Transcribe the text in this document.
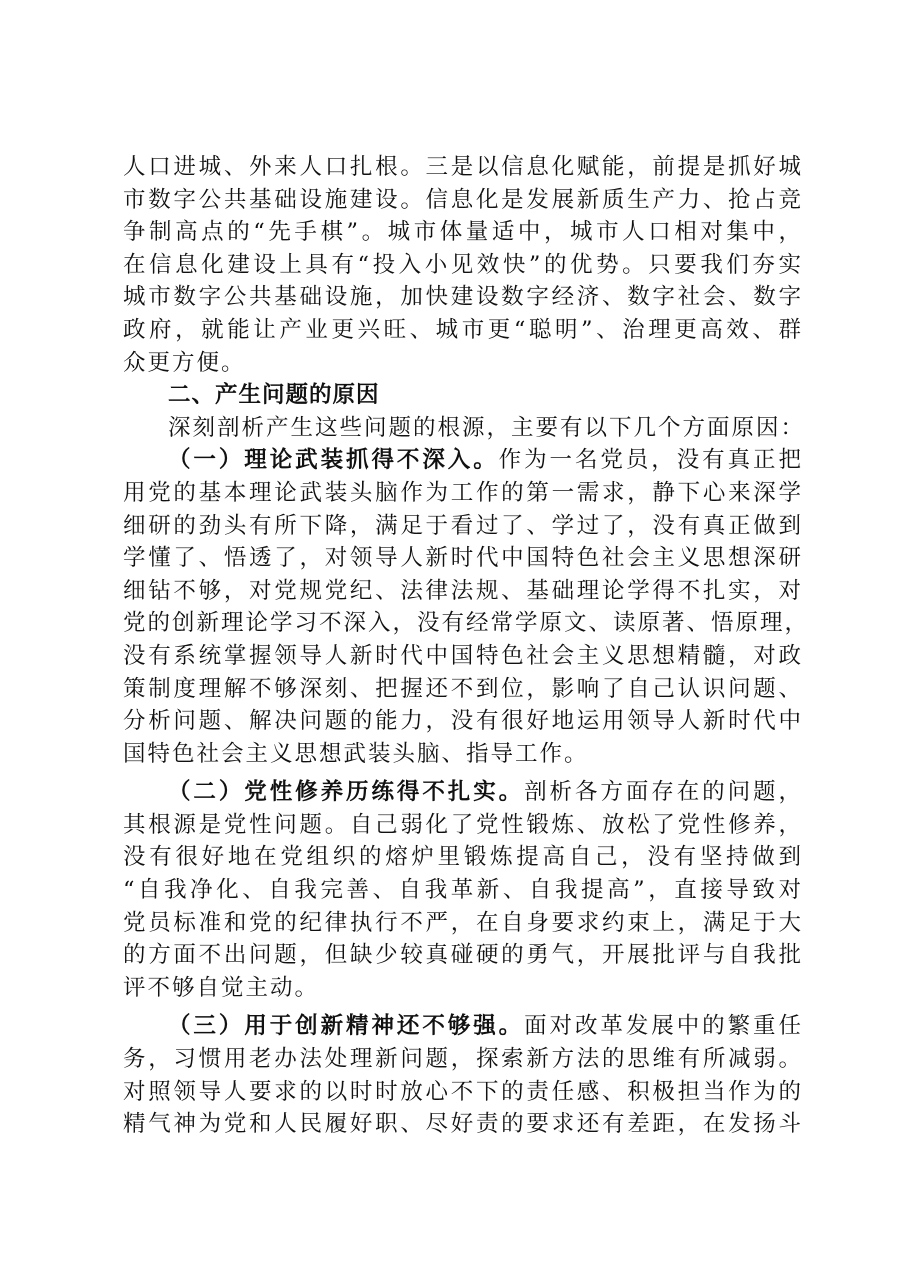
人口进城、外来人口扎根。三是以信息化赋能，前提是抓好城
市数字公共基础设施建设。信息化是发展新质生产力、抢占竞
争制高点的“先手棋”。城市体量适中，城市人口相对集中，
在信息化建设上具有“投入小见效快”的优势。只要我们夯实
城市数字公共基础设施，加快建设数字经济、数字社会、数字
政府，就能让产业更兴旺、城市更“聪明”、治理更高效、群
众更方便。
二、产生问题的原因
深刻剖析产生这些问题的根源，主要有以下几个方面原因：
（一）理论武装抓得不深入。作为一名党员，没有真正把
用党的基本理论武装头脑作为工作的第一需求，静下心来深学
细研的劲头有所下降，满足于看过了、学过了，没有真正做到
学懂了、悟透了，对领导人新时代中国特色社会主义思想深研
细钻不够，对党规党纪、法律法规、基础理论学得不扎实，对
党的创新理论学习不深入，没有经常学原文、读原著、悟原理，
没有系统掌握领导人新时代中国特色社会主义思想精髓，对政
策制度理解不够深刻、把握还不到位，影响了自己认识问题、
分析问题、解决问题的能力，没有很好地运用领导人新时代中
国特色社会主义思想武装头脑、指导工作。
（二）党性修养历练得不扎实。剖析各方面存在的问题，
其根源是党性问题。自己弱化了党性锻炼、放松了党性修养，
没有很好地在党组织的熔炉里锻炼提高自己，没有坚持做到
“自我净化、自我完善、自我革新、自我提高”，直接导致对
党员标准和党的纪律执行不严，在自身要求约束上，满足于大
的方面不出问题，但缺少较真碰硬的勇气，开展批评与自我批
评不够自觉主动。
（三）用于创新精神还不够强。面对改革发展中的繁重任
务，习惯用老办法处理新问题，探索新方法的思维有所减弱。
对照领导人要求的以时时放心不下的责任感、积极担当作为的
精气神为党和人民履好职、尽好责的要求还有差距，在发扬斗
